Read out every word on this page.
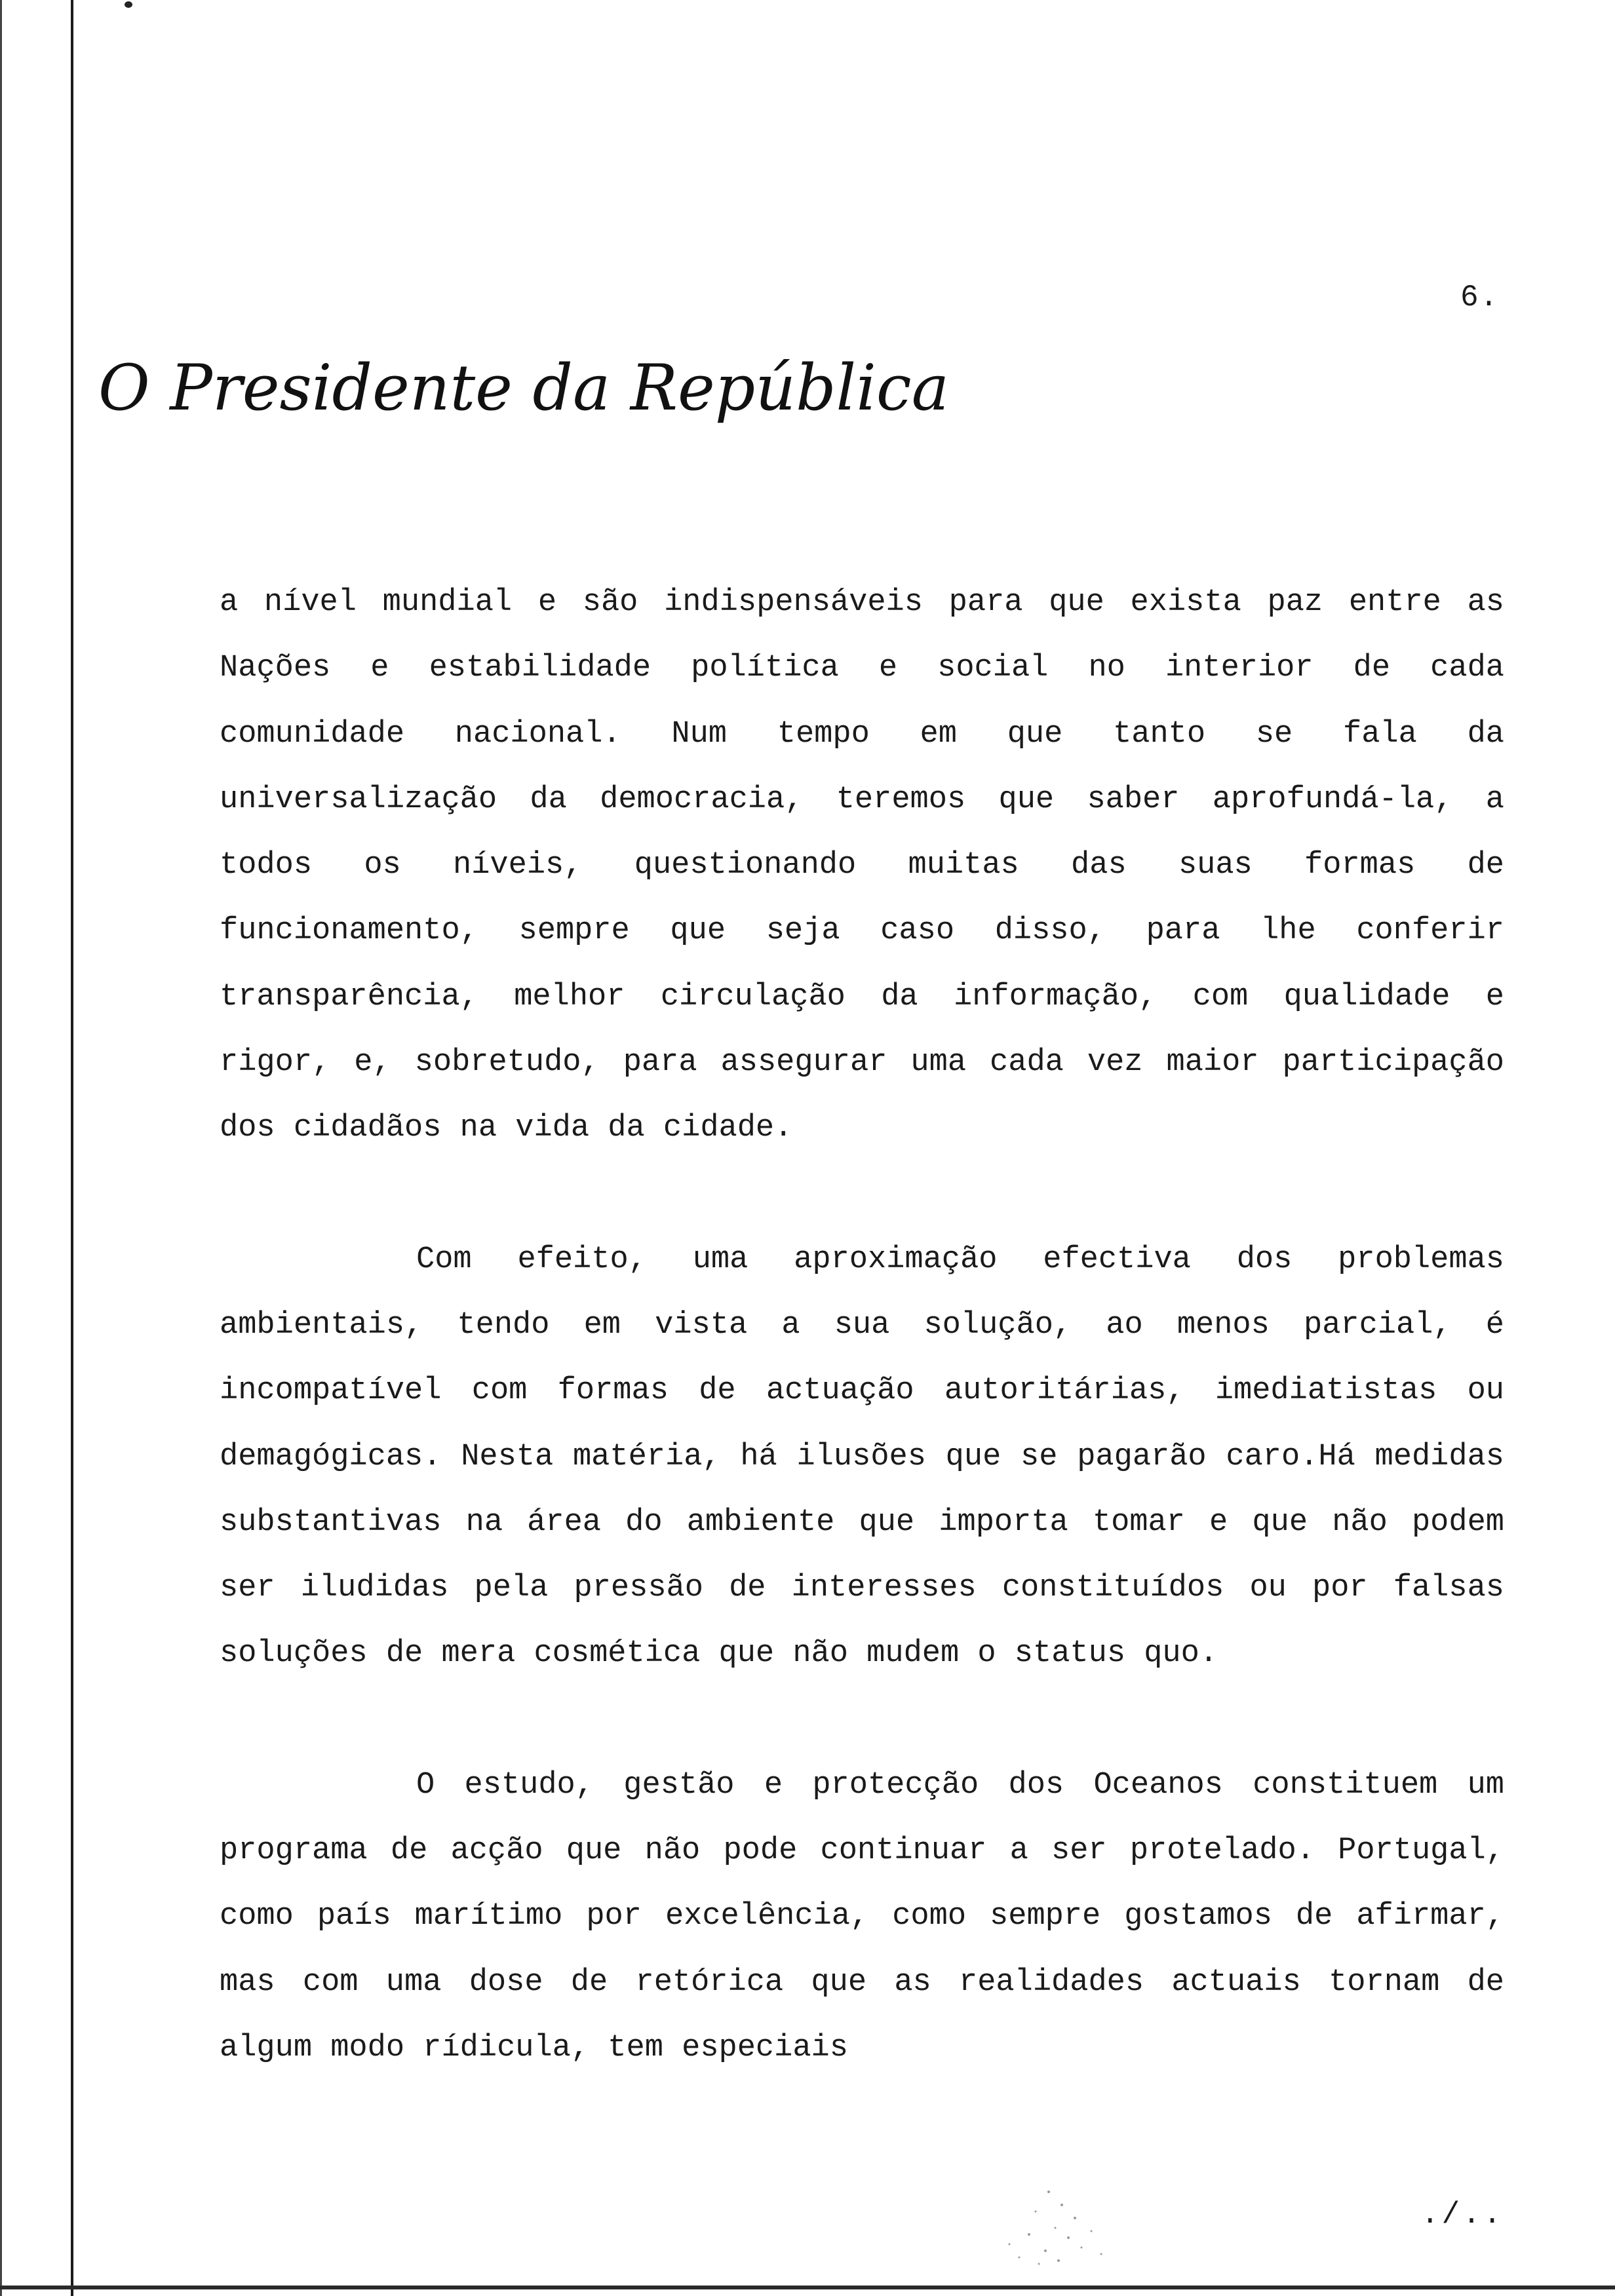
6.
O Presidente da República

a nível mundial e são indispensáveis para que exista paz entre as Nações e estabilidade política e social no interior de cada comunidade nacional. Num tempo em que tanto se fala da universalização da democracia, teremos que saber aprofundá-la, a todos os níveis, questionando muitas das suas formas de funcionamento, sempre que seja caso disso, para lhe conferir transparência, melhor circulação da informação, com qualidade e rigor, e, sobretudo, para assegurar uma cada vez maior participação dos cidadãos na vida da cidade.

Com efeito, uma aproximação efectiva dos problemas ambientais, tendo em vista a sua solução, ao menos parcial, é incompatível com formas de actuação autoritárias, imediatistas ou demagógicas. Nesta matéria, há ilusões que se pagarão caro.Há medidas substantivas na área do ambiente que importa tomar e que não podem ser iludidas pela pressão de interesses constituídos ou por falsas soluções de mera cosmética que não mudem o status quo.

O estudo, gestão e protecção dos Oceanos constituem um programa de acção que não pode continuar a ser protelado. Portugal, como país marítimo por excelência, como sempre gostamos de afirmar, mas com uma dose de retórica que as realidades actuais tornam de algum modo rídicula, tem especiais

./..
